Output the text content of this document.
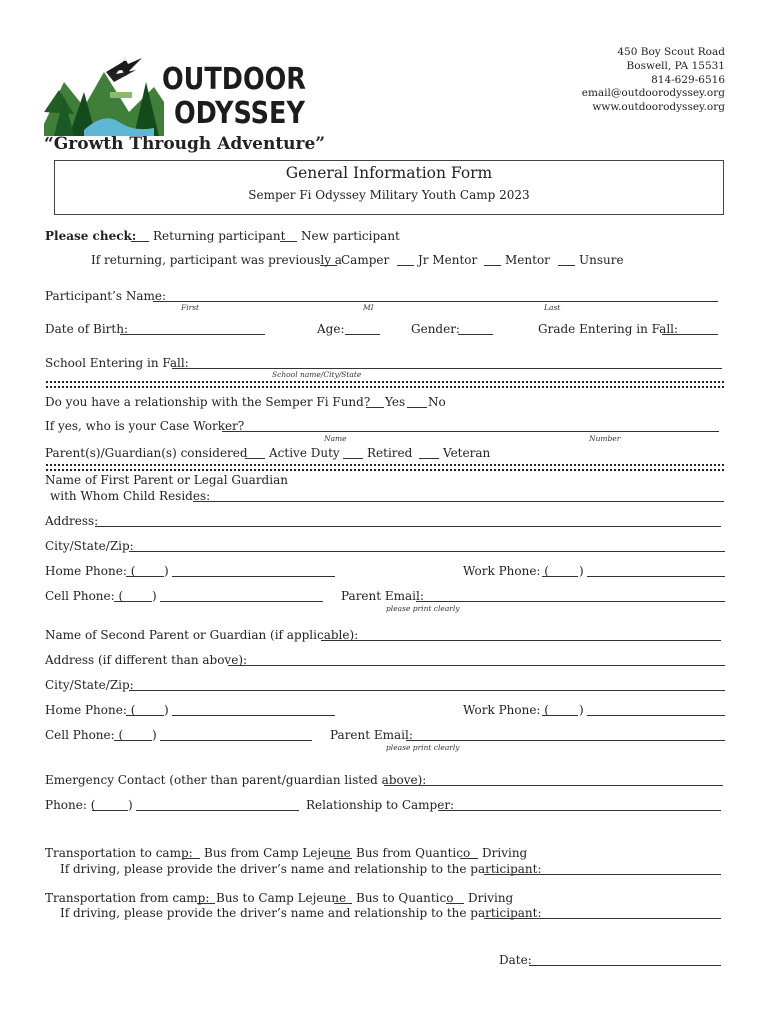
OUTDOOR
ODYSSEY
“Growth Through Adventure”
450 Boy Scout Road
Boswell, PA 15531
814-629-6516
email@outdoorodyssey.org
www.outdoorodyssey.org
General Information Form
Semper Fi Odyssey Military Youth Camp 2023
Please check: Returning participant New participant
If returning, participant was previously a Camper Jr Mentor Mentor Unsure
Participant’s Name:
First	MI	Last
Date of Birth:	Age:	Gender:	Grade Entering in Fall:
School Entering in Fall:
School name/City/State
Do you have a relationship with the Semper Fi Fund? Yes No
If yes, who is your Case Worker?
Name	Number
Parent(s)/Guardian(s) considered Active Duty Retired	Veteran
Name of First Parent or Legal Guardian
with Whom Child Resides:
Address:
City/State/Zip:
Home Phone: ( )	Work Phone: (	)
Cell Phone: ( )	Parent Email:
please print clearly
Name of Second Parent or Guardian (if applicable):
Address (if different than above):
City/State/Zip:
Home Phone: ( )	Work Phone: (	)
Cell Phone: ( )	Parent Email:
please print clearly
Emergency Contact (other than parent/guardian listed above):
Phone: (	)	Relationship to Camper:
Transportation to camp: Bus from Camp Lejeune Bus from Quantico Driving
If driving, please provide the driver’s name and relationship to the participant:
Transportation from camp: Bus to Camp Lejeune Bus to Quantico Driving
If driving, please provide the driver’s name and relationship to the participant:
Date:
